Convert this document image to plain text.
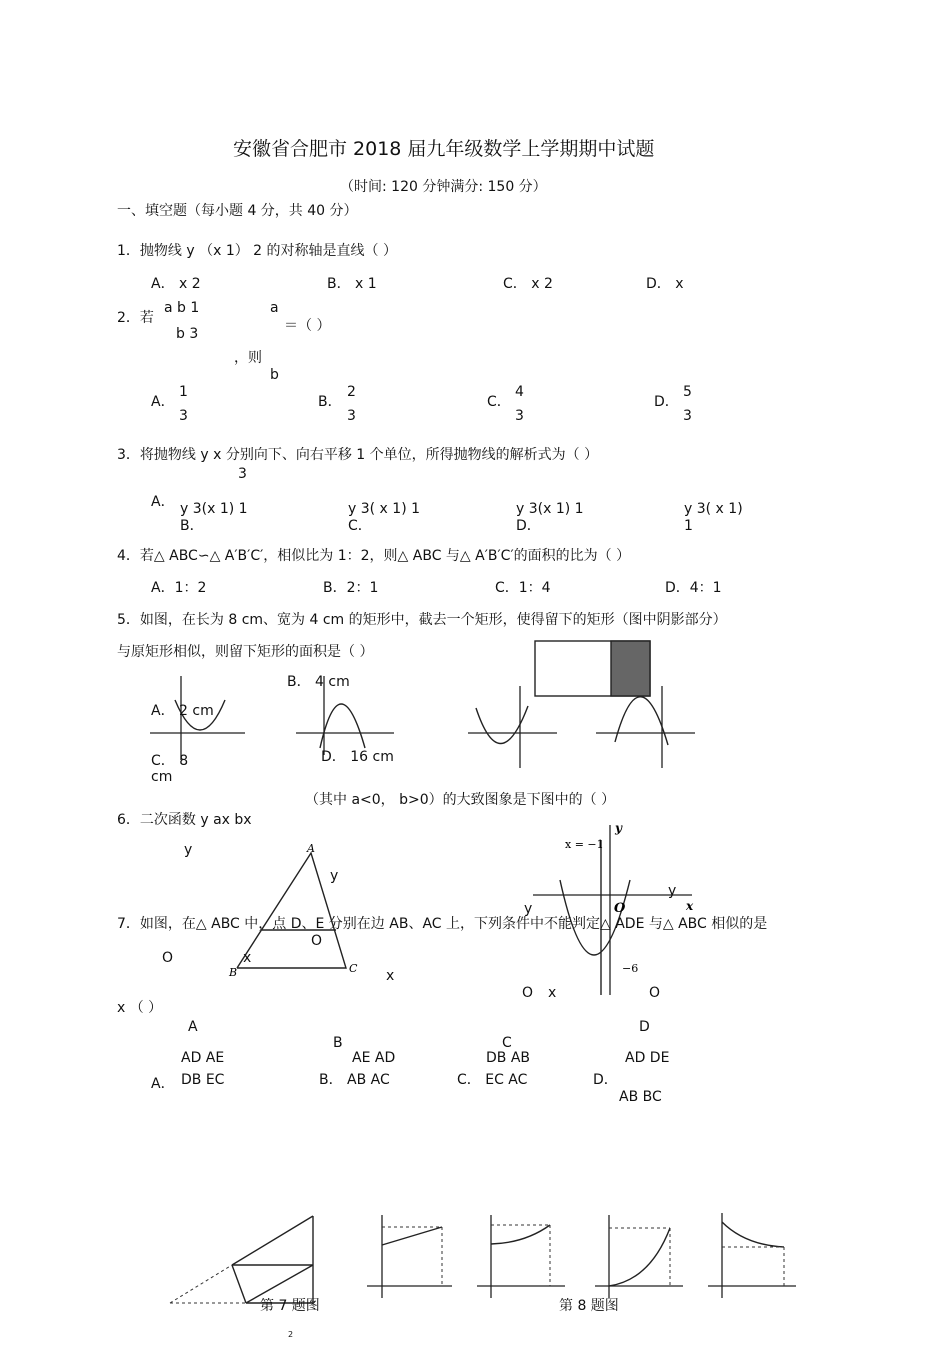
安徽省合肥市 2018 届九年级数学上学期期中试题
（时间: 120 分钟满分: 150 分）
一、填空题（每小题 4 分，共 40 分）
1．抛物线 y （x 1） 2 的对称轴是直线（ ）
A． x 2	B． x 1	C． x 2	D． x
2．若
a b 1
b 3
a
＝（ ）
，则
b
A．
1
3
B．
2
3
C．
4
3
D．
5
3
3．将抛物线 y x 分别向下、向右平移 1 个单位，所得抛物线的解析式为（ ）
3
A． y 3(x 1) 1
B．
y 3( x 1) 1
C．
y 3(x 1) 1
D．
y 3( x 1)
1
4．若△ ABC∽△ A′B′C′，相似比为 1：2，则△ ABC 与△ A′B′C′的面积的比为（ ）
A．1：2	B．2：1	C．1：4	D．4：1
5．如图，在长为 8 cm、宽为 4 cm 的矩形中，截去一个矩形，使得留下的矩形（图中阴影部分）
与原矩形相似，则留下矩形的面积是（ ）
A． 2 cm
B． 4 cm
C． 8
cm
D． 16 cm
6．二次函数 y ax bx
（其中 a<0， b>0）的大致图象是下图中的（ ）
A
B	C
x = −1
−6
O
y
x
y
y
y
y
7．如图，在△ ABC 中，点 D、E 分别在边 AB、AC 上，下列条件中不能判定△ ADE 与△ ABC 相似的是
O
O
x
x
O x	O
x （ ）
A
B	C
D
AD AE	AE AD	DB AB	AD DE
A． DB EC	B． AB AC	C． EC AC	D．
AB BC
第 7 题图	第 8 题图
2
